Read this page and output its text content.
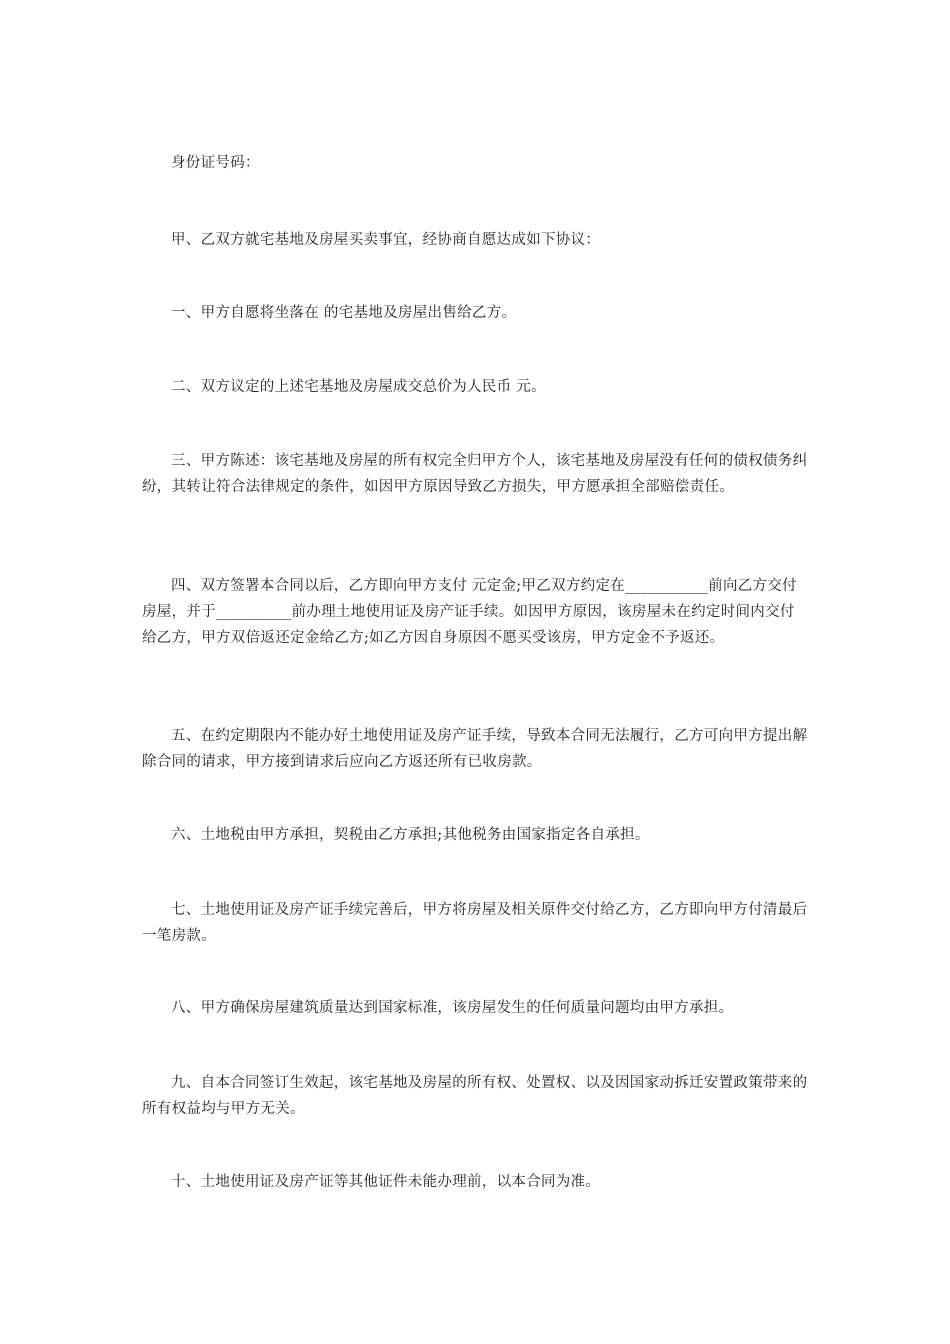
身份证号码：

甲、乙双方就宅基地及房屋买卖事宜，经协商自愿达成如下协议：

一、甲方自愿将坐落在 的宅基地及房屋出售给乙方。

二、双方议定的上述宅基地及房屋成交总价为人民币 元。

三、甲方陈述：该宅基地及房屋的所有权完全归甲方个人，该宅基地及房屋没有任何的债权债务纠纷，其转让符合法律规定的条件，如因甲方原因导致乙方损失，甲方愿承担全部赔偿责任。

四、双方签署本合同以后，乙方即向甲方支付 元定金;甲乙双方约定在___________前向乙方交付房屋，并于__________前办理土地使用证及房产证手续。如因甲方原因，该房屋未在约定时间内交付给乙方，甲方双倍返还定金给乙方;如乙方因自身原因不愿买受该房，甲方定金不予返还。

五、在约定期限内不能办好土地使用证及房产证手续，导致本合同无法履行，乙方可向甲方提出解除合同的请求，甲方接到请求后应向乙方返还所有已收房款。

六、土地税由甲方承担，契税由乙方承担;其他税务由国家指定各自承担。

七、土地使用证及房产证手续完善后，甲方将房屋及相关原件交付给乙方，乙方即向甲方付清最后一笔房款。

八、甲方确保房屋建筑质量达到国家标准，该房屋发生的任何质量问题均由甲方承担。

九、自本合同签订生效起，该宅基地及房屋的所有权、处置权、以及因国家动拆迁安置政策带来的所有权益均与甲方无关。

十、土地使用证及房产证等其他证件未能办理前，以本合同为准。
